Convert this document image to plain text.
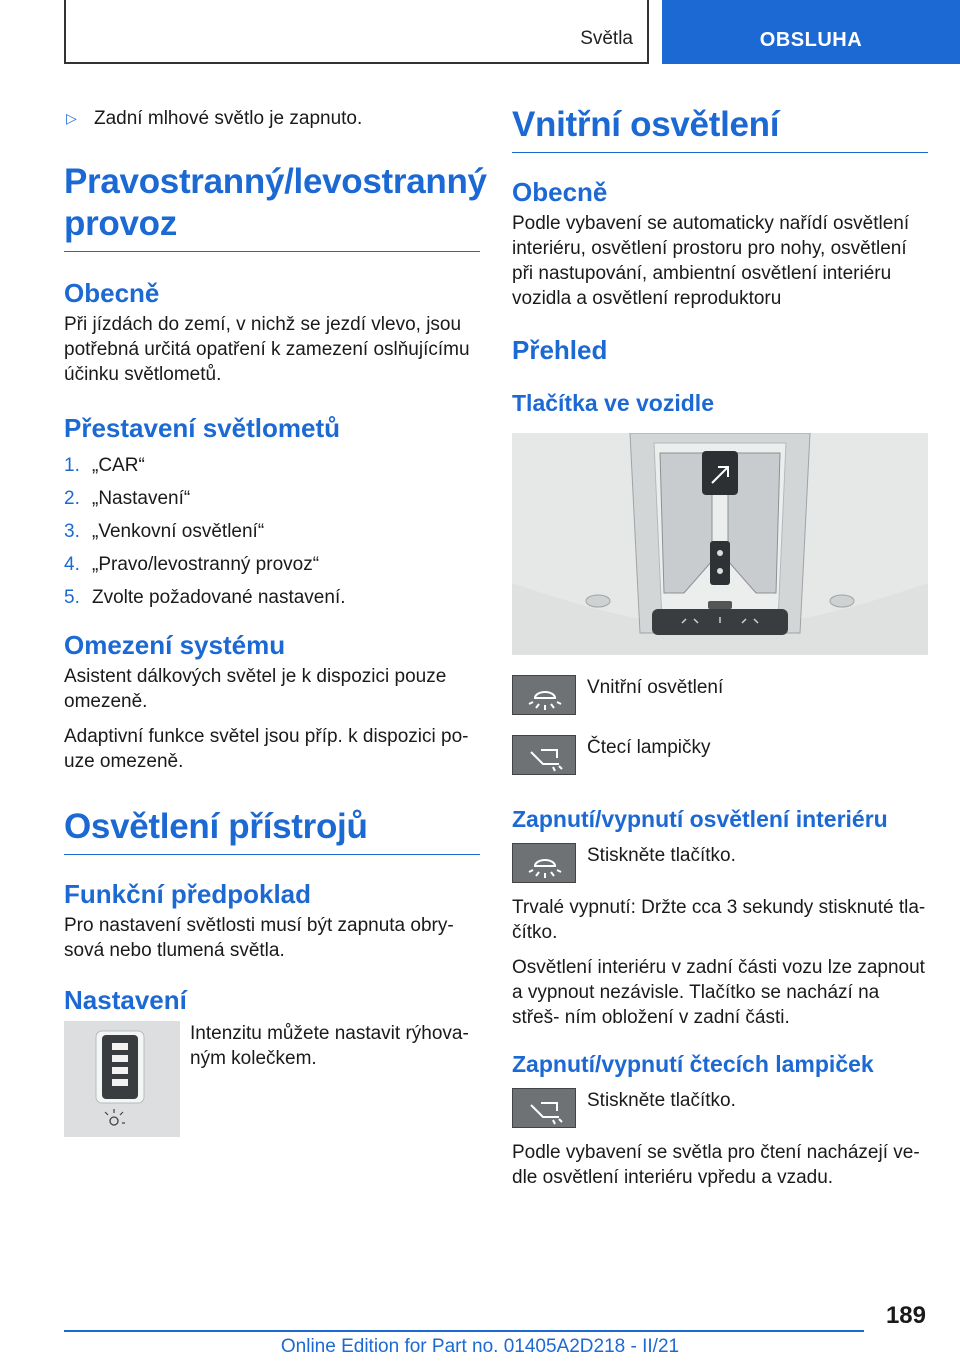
Světla	OBSLUHA
▷ Zadní mlhové světlo je zapnuto.
Pravostranný/levostranný provoz
Obecně

Při jízdách do zemí, v nichž se jezdí vlevo, jsou potřebná určitá opatření k zamezení oslňujícímu účinku světlometů.

Přestavení světlometů
1. „CAR“
2. „Nastavení“
3. „Venkovní osvětlení“
4. „Pravo/levostranný provoz“
5. Zvolte požadované nastavení.
Omezení systému

Asistent dálkových světel je k dispozici pouze omezeně.

Adaptivní funkce světel jsou příp. k dispozici po- uze omezeně.

Osvětlení přístrojů
Funkční předpoklad

Pro nastavení světlosti musí být zapnuta obry- sová nebo tlumená světla.

Nastavení

Intenzitu můžete nastavit rýhova- ným kolečkem.

Vnitřní osvětlení
Obecně

Podle vybavení se automaticky nařídí osvětlení interiéru, osvětlení prostoru pro nohy, osvětlení při nastupování, ambientní osvětlení interiéru vozidla a osvětlení reproduktoru

Přehled
Tlačítka ve vozidle

Vnitřní osvětlení

Čtecí lampičky

Zapnutí/vypnutí osvětlení interiéru

Stiskněte tlačítko.

Trvalé vypnutí: Držte cca 3 sekundy stisknuté tla- čítko.

Osvětlení interiéru v zadní části vozu lze zapnout a vypnout nezávisle. Tlačítko se nachází na střeš- ním obložení v zadní části.

Zapnutí/vypnutí čtecích lampiček

Stiskněte tlačítko.

Podle vybavení se světla pro čtení nacházejí ve- dle osvětlení interiéru vpředu a vzadu.

189
Online Edition for Part no. 01405A2D218 - II/21
